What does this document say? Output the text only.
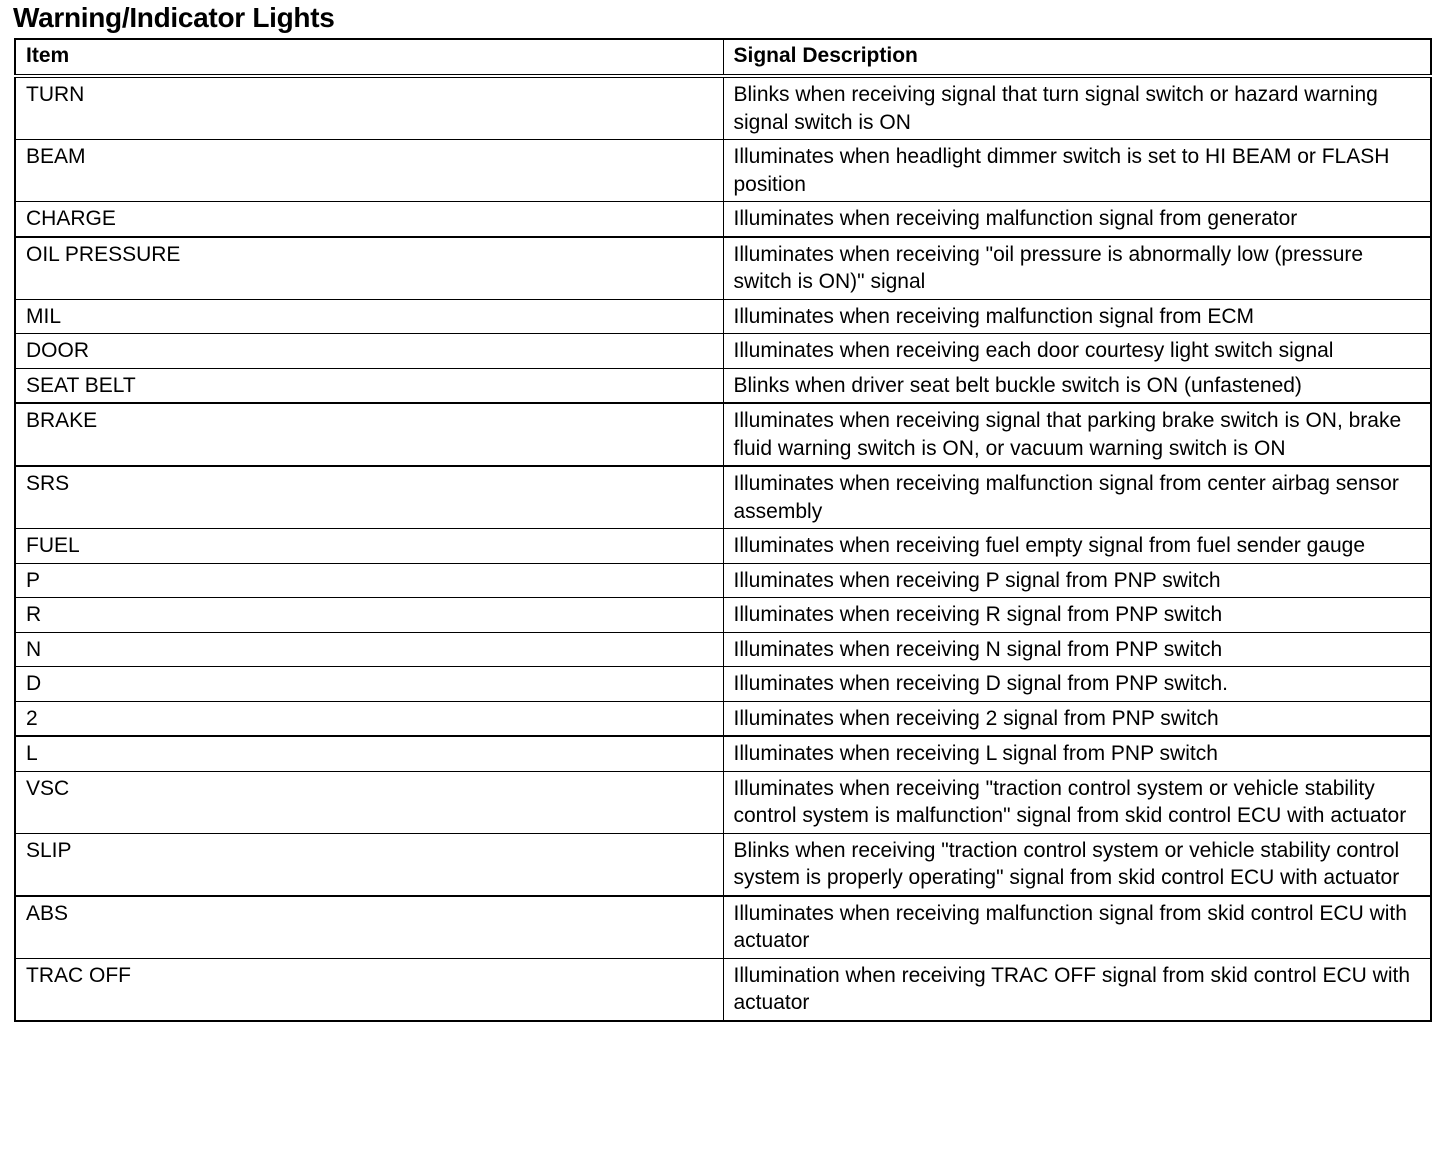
Warning/Indicator Lights
Item	Signal Description
TURN	Blinks when receiving signal that turn signal switch or hazard warning signal switch is ON
BEAM	Illuminates when headlight dimmer switch is set to HI BEAM or FLASH position
CHARGE	Illuminates when receiving malfunction signal from generator
OIL PRESSURE	Illuminates when receiving "oil pressure is abnormally low (pressure switch is ON)" signal
MIL	Illuminates when receiving malfunction signal from ECM
DOOR	Illuminates when receiving each door courtesy light switch signal
SEAT BELT	Blinks when driver seat belt buckle switch is ON (unfastened)
BRAKE	Illuminates when receiving signal that parking brake switch is ON, brake fluid warning switch is ON, or vacuum warning switch is ON
SRS	Illuminates when receiving malfunction signal from center airbag sensor assembly
FUEL	Illuminates when receiving fuel empty signal from fuel sender gauge
P	Illuminates when receiving P signal from PNP switch
R	Illuminates when receiving R signal from PNP switch
N	Illuminates when receiving N signal from PNP switch
D	Illuminates when receiving D signal from PNP switch.
2	Illuminates when receiving 2 signal from PNP switch
L	Illuminates when receiving L signal from PNP switch
VSC	Illuminates when receiving "traction control system or vehicle stability control system is malfunction" signal from skid control ECU with actuator
SLIP	Blinks when receiving "traction control system or vehicle stability control system is properly operating" signal from skid control ECU with actuator
ABS	Illuminates when receiving malfunction signal from skid control ECU with actuator
TRAC OFF	Illumination when receiving TRAC OFF signal from skid control ECU with actuator
